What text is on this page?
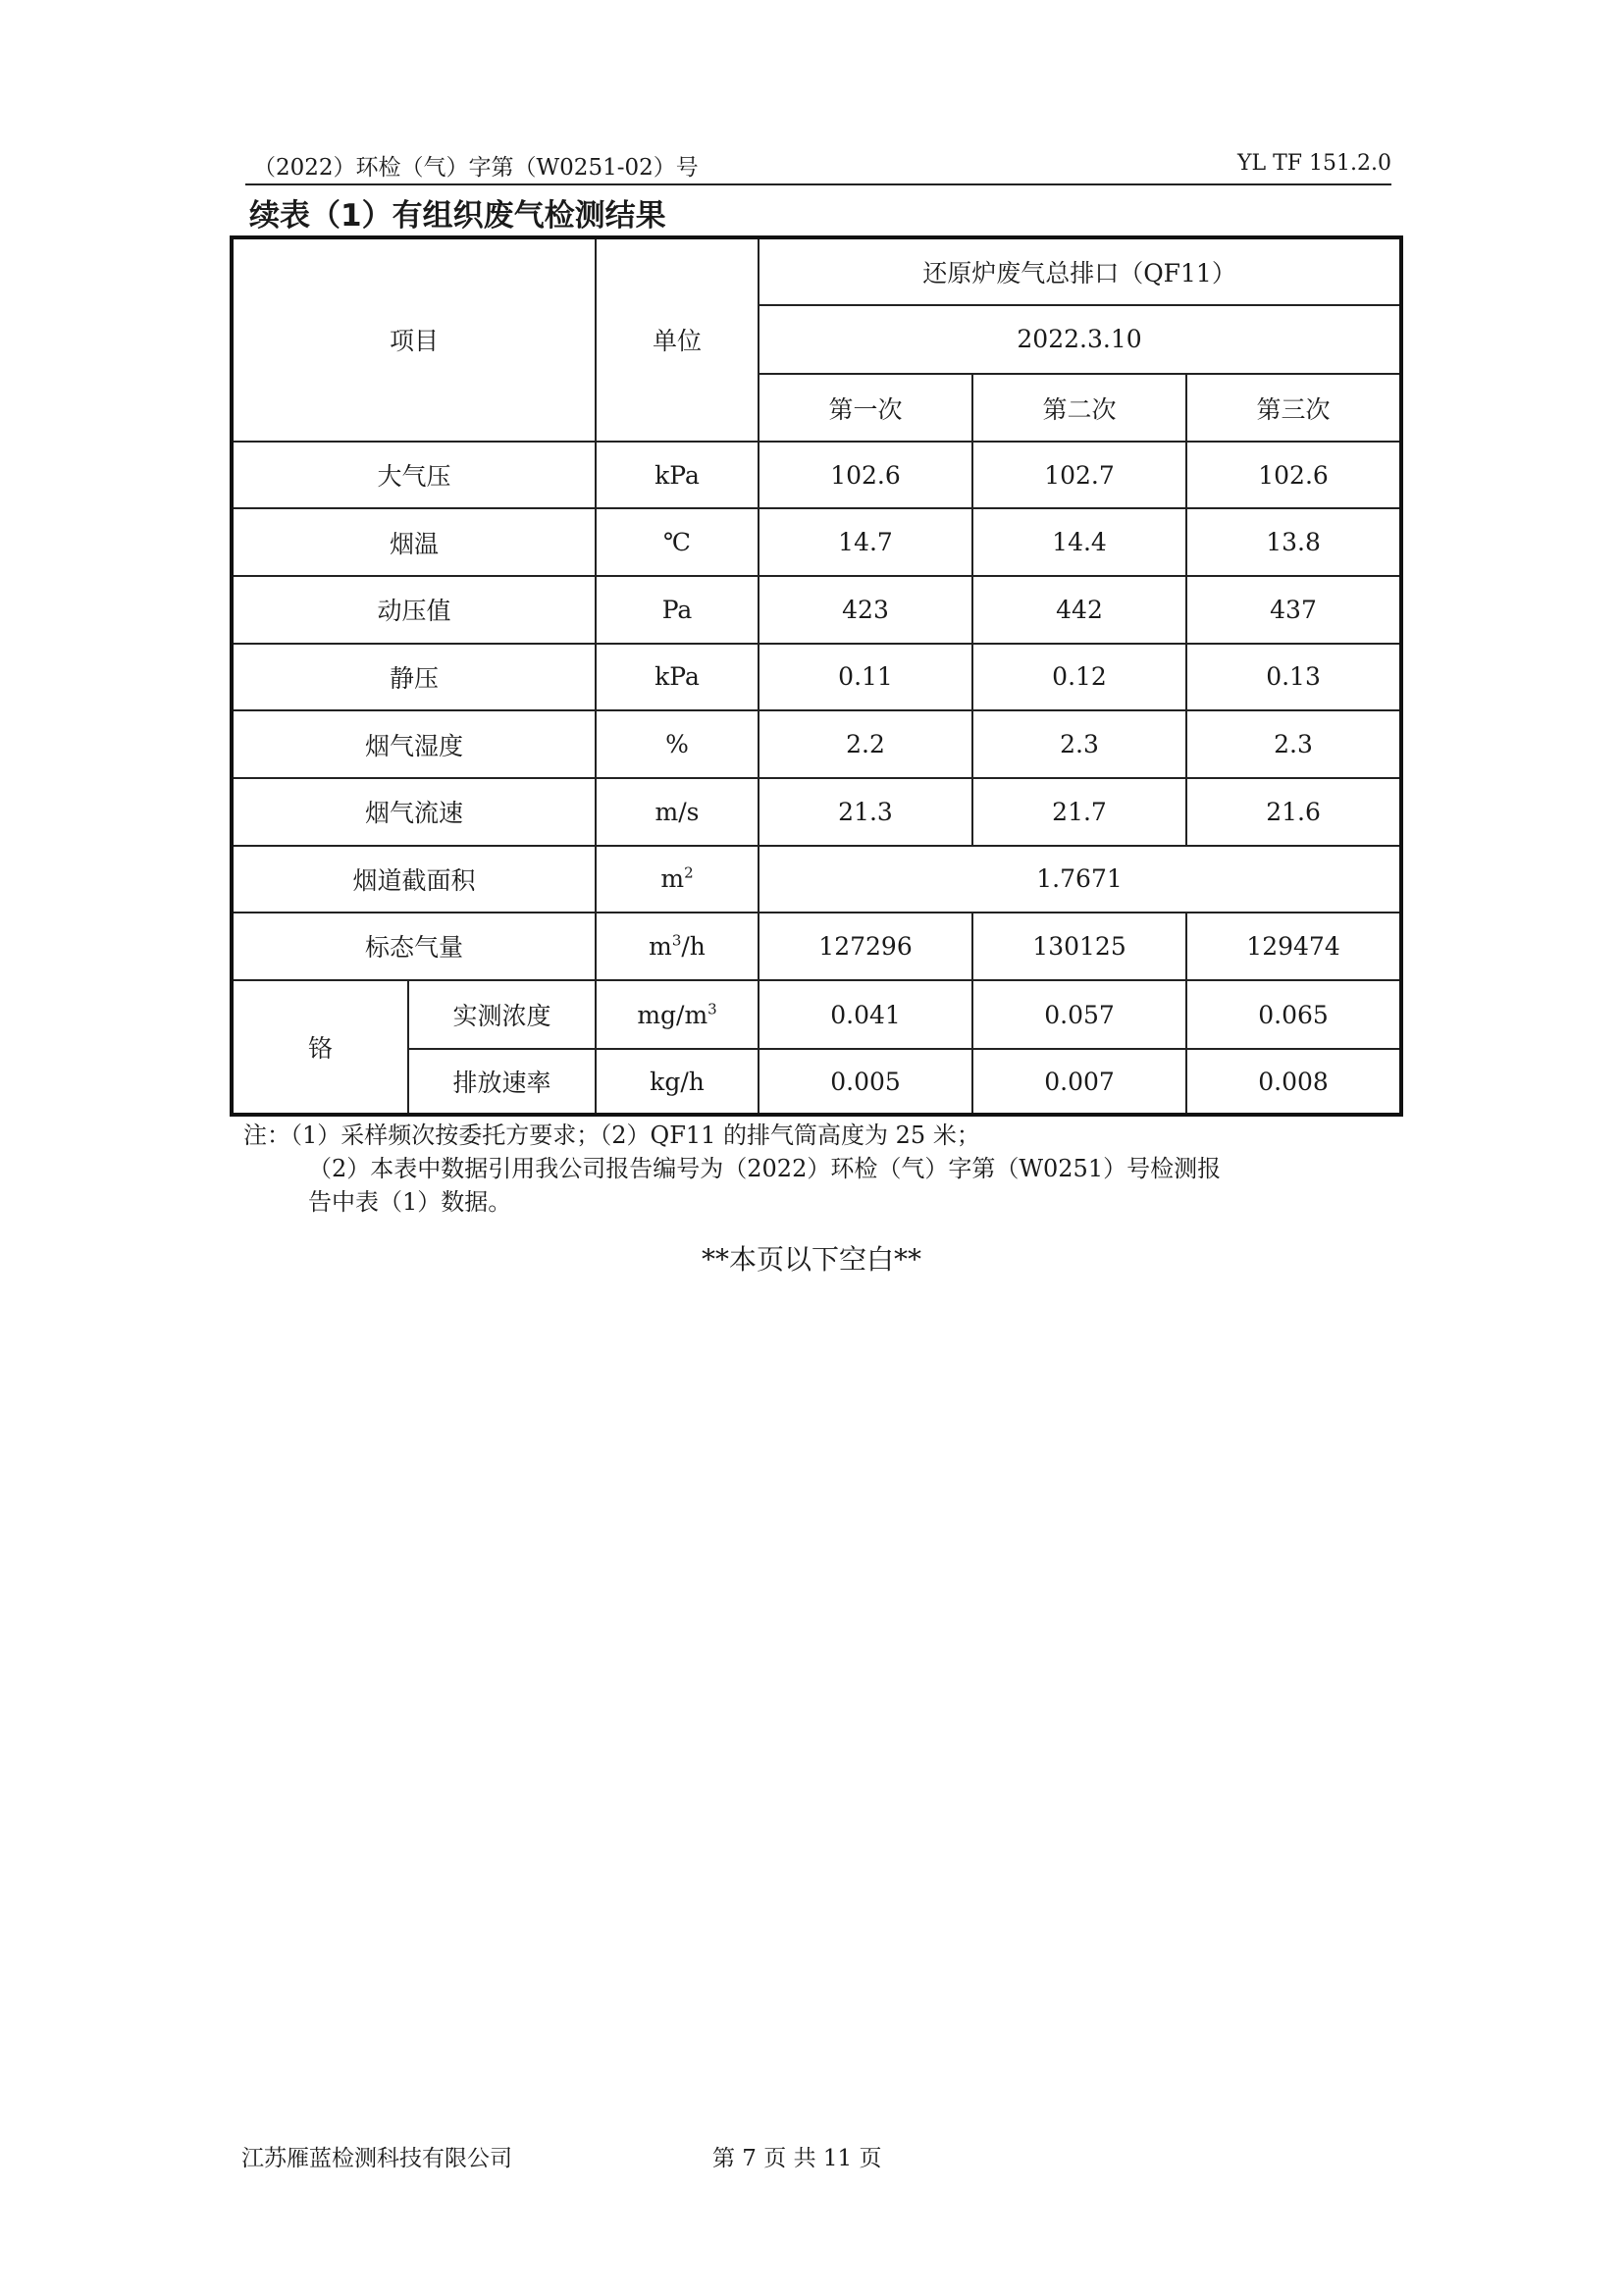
（2022）环检（气）字第（W0251-02）号	YL TF 151.2.0
续表（1）有组织废气检测结果
项目		单位	还原炉废气总排口（QF11）		
			2022.3.10		
			第一次	第二次	第三次
大气压		kPa	102.6	102.7	102.6
烟温		℃	14.7	14.4	13.8
动压值		Pa	423	442	437
静压		kPa	0.11	0.12	0.13
烟气湿度		%	2.2	2.3	2.3
烟气流速		m/s	21.3	21.7	21.6
烟道截面积		$m^2$	1.7671		
标态气量		$m^3/h$	127296	130125	129474
铬	实测浓度	$mg/m^3$	0.041	0.057	0.065
	排放速率	kg/h	0.005	0.007	0.008
注：（1）采样频次按委托方要求；（2）QF11 的排气筒高度为 25 米；
（2）本表中数据引用我公司报告编号为（2022）环检（气）字第（W0251）号检测报
告中表（1）数据。
**本页以下空白**
江苏雁蓝检测科技有限公司	第 7 页 共 11 页
